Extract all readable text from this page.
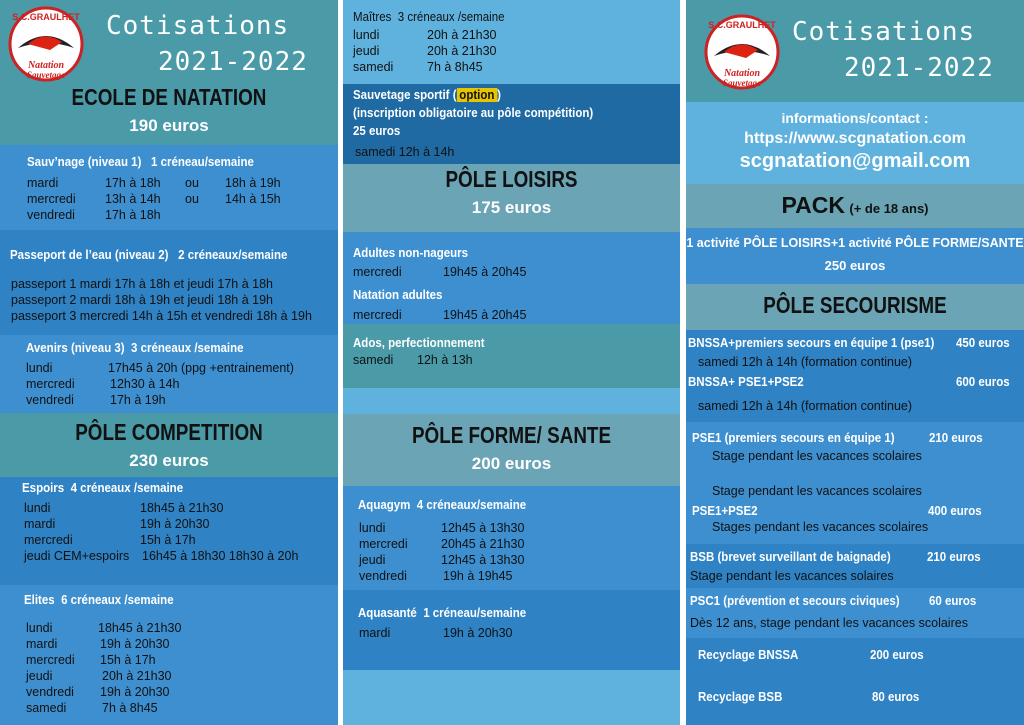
Natation
Sauvetage
S.C.GRAULHET Cotisations
2021-2022
ECOLE DE NATATION
190 euros
Sauv’nage (niveau 1) 1 créneau/semaine
mardi	17h à 18h ou 18h à 19h
mercredi 13h à 14h ou 14h à 15h
vendredi 17h à 18h
Passeport de l’eau (niveau 2) 2 créneaux/semaine
passeport 1 mardi 17h à 18h et jeudi 17h à 18h
passeport 2 mardi 18h à 19h et jeudi 18h à 19h
passeport 3 mercredi 14h à 15h et vendredi 18h à 19h
Avenirs (niveau 3) 3 créneaux /semaine
lundi	17h45 à 20h (ppg +entrainement)
mercredi	12h30 à 14h
vendredi	17h à 19h
PÔLE COMPETITION
230 euros
Espoirs 4 créneaux /semaine
lundi	18h45 à 21h30
mardi	19h à 20h30
mercredi	15h à 17h
jeudi CEM+espoirs 16h45 à 18h30 18h30 à 20h
Elites 6 créneaux /semaine
lundi	18h45 à 21h30
mardi	19h à 20h30
mercredi 15h à 17h
jeudi	20h à 21h30
vendredi 19h à 20h30
samedi	7h à 8h45
Maîtres 3 créneaux /semaine
lundi	20h à 21h30
jeudi	20h à 21h30
samedi	7h à 8h45
Sauvetage sportif ( option )
(inscription obligatoire au pôle compétition)
25 euros
samedi 12h à 14h
PÔLE LOISIRS
175 euros
Adultes non-nageurs
mercredi	19h45 à 20h45
Natation adultes
mercredi	19h45 à 20h45
Ados, perfectionnement
samedi 12h à 13h
PÔLE FORME/ SANTE
200 euros
Aquagym 4 créneaux/semaine
lundi	12h45 à 13h30
mercredi	20h45 à 21h30
jeudi	12h45 à 13h30
vendredi	19h à 19h45
Aquasanté 1 créneau/semaine
mardi	19h à 20h30
Natation
Sauvetage
S.C.GRAULHET Cotisations
2021-2022
informations/contact :
https://www.scgnatation.com
scgnatation@gmail.com
PACK (+ de 18 ans)
1 activité PÔLE LOISIRS+1 activité PÔLE FORME/SANTE
250 euros
PÔLE SECOURISME
BNSSA+premiers secours en équipe 1 (pse1) 450 euros
samedi 12h à 14h (formation continue)
BNSSA+ PSE1+PSE2	600 euros
samedi 12h à 14h (formation continue)
PSE1 (premiers secours en équipe 1)	210 euros
Stage pendant les vacances scolaires
Stage pendant les vacances scolaires
PSE1+PSE2	400 euros
Stages pendant les vacances scolaires
BSB (brevet surveillant de baignade)	210 euros
Stage pendant les vacances solaires
PSC1 (prévention et secours civiques) 60 euros
Dès 12 ans, stage pendant les vacances scolaires
Recyclage BNSSA	200 euros
Recyclage BSB	80 euros
